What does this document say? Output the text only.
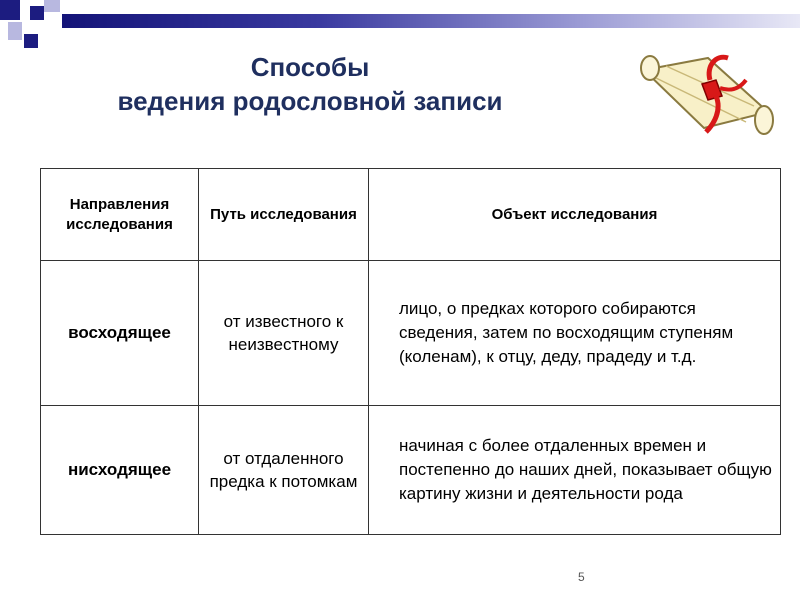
Способы
ведения родословной записи
Направления исследования	Путь исследования	Объект исследования
восходящее	от известного к неизвестному	лицо, о предках которого собираются сведения, затем по восходящим ступеням (коленам), к отцу, деду, прадеду и т.д.
нисходящее	от отдаленного предка к потомкам	начиная с более отдаленных времен и постепенно до наших дней, показывает общую картину жизни и деятельности рода
5
